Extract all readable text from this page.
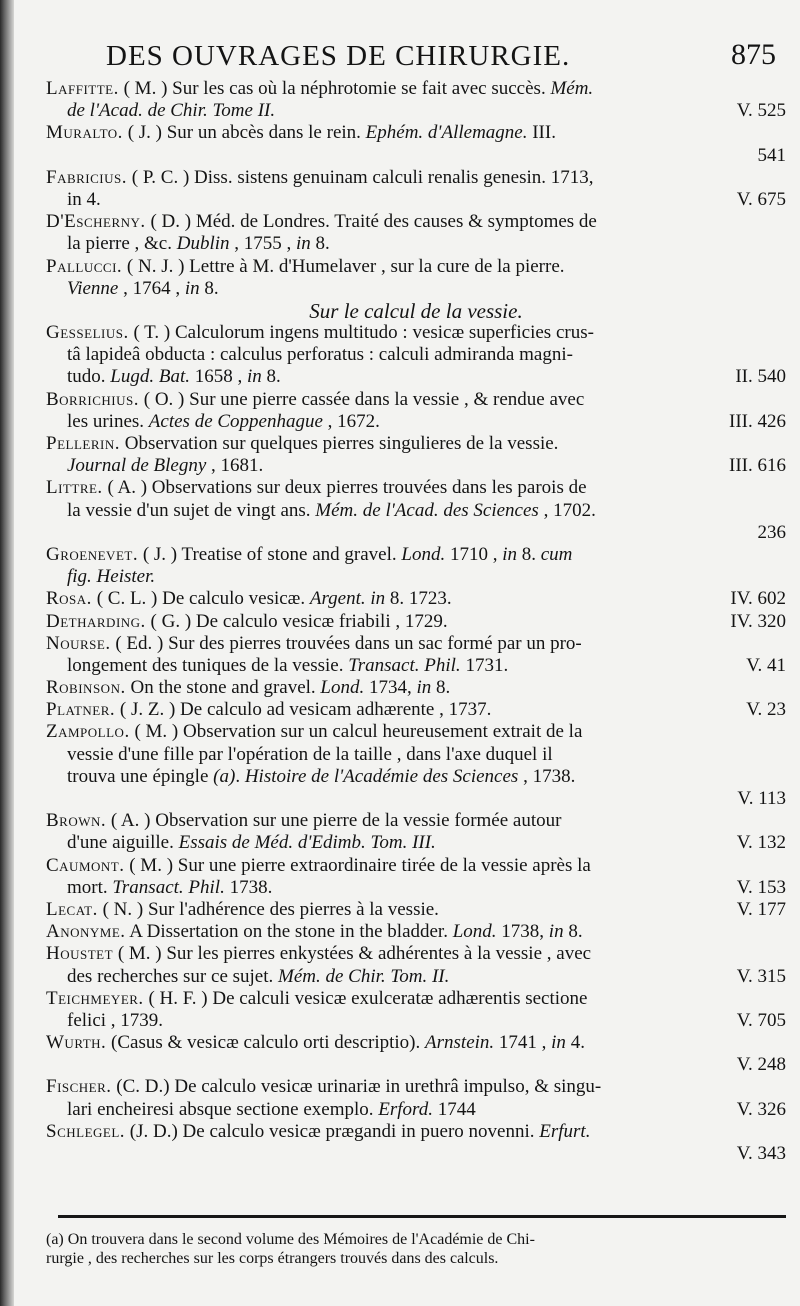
DES OUVRAGES DE CHIRURGIE.	875
Laffitte. ( M. ) Sur les cas où la néphrotomie se fait avec succès. Mém.
de l'Acad. de Chir. Tome II.	V. 525
Muralto. ( J. ) Sur un abcès dans le rein. Ephém. d'Allemagne. III.
541
Fabricius. ( P. C. ) Diss. sistens genuinam calculi renalis genesin. 1713,
in 4.	V. 675
D'Escherny. ( D. ) Méd. de Londres. Traité des causes & symptomes de
la pierre , &c. Dublin , 1755 , in 8.
Pallucci. ( N. J. ) Lettre à M. d'Humelaver , sur la cure de la pierre.
Vienne , 1764 , in 8.
Sur le calcul de la vessie.
Gesselius. ( T. ) Calculorum ingens multitudo : vesicæ superficies crus-
tâ lapideâ obducta : calculus perforatus : calculi admiranda magni-
tudo. Lugd. Bat. 1658 , in 8.	II. 540
Borrichius. ( O. ) Sur une pierre cassée dans la vessie , & rendue avec
les urines. Actes de Coppenhague , 1672.	III. 426
Pellerin. Observation sur quelques pierres singulieres de la vessie.
Journal de Blegny , 1681.	III. 616
Littre. ( A. ) Observations sur deux pierres trouvées dans les parois de
la vessie d'un sujet de vingt ans. Mém. de l'Acad. des Sciences , 1702.
236
Groenevet. ( J. ) Treatise of stone and gravel. Lond. 1710 , in 8. cum
fig. Heister.
Rosa. ( C. L. ) De calculo vesicæ. Argent. in 8. 1723.	IV. 602
Detharding. ( G. ) De calculo vesicæ friabili , 1729.	IV. 320
Nourse. ( Ed. ) Sur des pierres trouvées dans un sac formé par un pro-
longement des tuniques de la vessie. Transact. Phil. 1731.	V. 41
Robinson. On the stone and gravel. Lond. 1734, in 8.
Platner. ( J. Z. ) De calculo ad vesicam adhærente , 1737.	V. 23
Zampollo. ( M. ) Observation sur un calcul heureusement extrait de la
vessie d'une fille par l'opération de la taille , dans l'axe duquel il
trouva une épingle (a). Histoire de l'Académie des Sciences , 1738.
V. 113
Brown. ( A. ) Observation sur une pierre de la vessie formée autour
d'une aiguille. Essais de Méd. d'Edimb. Tom. III.	V. 132
Caumont. ( M. ) Sur une pierre extraordinaire tirée de la vessie après la
mort. Transact. Phil. 1738.	V. 153
Lecat. ( N. ) Sur l'adhérence des pierres à la vessie.	V. 177
Anonyme. A Dissertation on the stone in the bladder. Lond. 1738, in 8.
Houstet ( M. ) Sur les pierres enkystées & adhérentes à la vessie , avec
des recherches sur ce sujet. Mém. de Chir. Tom. II.	V. 315
Teichmeyer. ( H. F. ) De calculi vesicæ exulceratæ adhærentis sectione
felici , 1739.	V. 705
Wurth. (Casus & vesicæ calculo orti descriptio). Arnstein. 1741 , in 4.
V. 248
Fischer. (C. D.) De calculo vesicæ urinariæ in urethrâ impulso, & singu-
lari encheiresi absque sectione exemplo. Erford. 1744	V. 326
Schlegel. (J. D.) De calculo vesicæ prægandi in puero novenni. Erfurt.
V. 343
(a) On trouvera dans le second volume des Mémoires de l'Académie de Chi-
rurgie , des recherches sur les corps étrangers trouvés dans des calculs.
